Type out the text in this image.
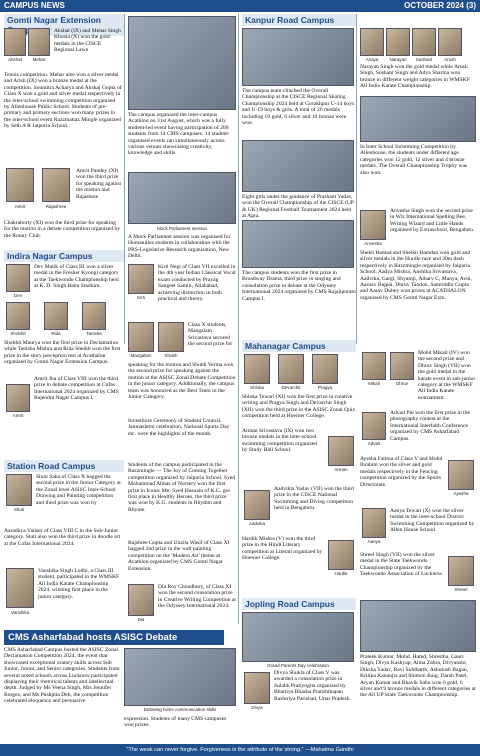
CAMPUS NEWS	OCTOBER 2024 (3)
Gomti Nagar Extension
Akshat	Mehar
Akshat (IX) and Mehar Singh Khosla (X) won the gold medals in the CISCE Regional Lawn
Tennis competition. Mehar also won a silver medal and Arish (IX) won a bronze medal at the competition. Soumitra Acharya and Akshaj Gupta of Class X won a gold and silver medal respectively in the inter-school swimming competition organized by Allenhouse Public School. Students of pre-primary and primary sections won many prizes in the inter-school event Razzmattaz Mingle organized by Seth A R Jaipuria School.
Amrit	Rajashree
Amrit Pandey (XI) won the third prize for speaking against the motion and Rajashree
Chakraborty (XI) won the third prize for speaking for the motion in a debate competition organized by the Rotary Club.
The campus organized the inter-campus Acathlon on 31st August, which was a fully student-led event having participation of 200 students from 14 CMS campuses. 14 student-organised events ran simultaneously across various venues showcasing creativity, knowledge and skills.
Mock Parliament session
A Mock Parliament session was organised for Humanities students in collaboration with the PRS-Legislative Research organization, New Delhi.
Kanpur Road Campus
The campus team clinched the Overall Championship at the CISCE Regional Skating Championship 2024 held at Gorakhpur U-14 boys and U-19 boys & girls. A total of 26 medals including 10 gold, 6 silver and 10 bronze were won.
Eight girls under the guidance of Prashant Yadav, won the Overall Championship of the CISCE (UP & UK) Regional Football Tournament 2024 held at Agra.
The campus students won the first prize in Broadway Drama, third prize in singing and consolation prize in debate at the Odyssey International 2024 organized by CMS Rajajipuram Campus I.
Anaya	Narayan	Sushant	Arush
Narayan Singh won the gold medal while Arush Singh, Sushant Singh and Adya Sharma won bronze in different weight categories in WMSKF All India Karate Championship.
In Inter School Swimming Competition by Allenhouse, the students under different age categories won 12 gold, 12 silver and 4 bronze medals. The Overall Championship Trophy was also won.
Anvesha
Anvesha Singh won the second prize in Wiz International Spelling Bee, Writing Wizard and Little Hands organised by Extraschool, Bengaluru.
Shekh Hamad and Sheikh Hamdan won gold and silver medals in the Hurdle race and 30m dash respectively in Razzmingle organised by Jaipuria School. Aadya Mishra, Anshika Srivastava, Aadvika, Gargi, Shyamji, Atharv C, Manya, Avni, Aarnav Bajpai, Dhruv Tandon, Samriddhi Gupta and Aarav Dubey won prizes at ACATHALON organised by CMS Gomti Nagar Extn.
Indira Nagar Campus
Dev
Dev Malik of Class III won a silver medal in the Fresher Kyongi category at the Taekwondo Championship held at K. D. Singh Babu Stadium.
Shobhit	Rida	Tanisha
Shobhit Maurya won the first prize in Declamation while Tanisha Mishra and Rida Sheikh won the first prize in the story perception test at Acathalon organized by Gomti Nagar Extension Campus.
Amrit Jha of Class VIII won the third prize in debate competition at Cofas International 2024 organized by CMS Rajendra Nagar Campus I.
Amrit
Kirti
Kirti Negi of Class VII excelled in the 4th year Indian Classical Vocal exam conducted by Prayag Sangeet Samiti, Allahabad, achieving distinction in both practical and theory.
Mangalam	Shubh
Class X students, Mangalam Srivastava secured the second prize for
speaking for the motion and Shubh Verma won the second prize for speaking against the motion at the ASISC Zonal Debate Competition in the junior category. Additionally, the campus team was honoured as the Best Team in the Junior Category.
Investiture Ceremony of Student Council, Janmashtmi celebration, National Sports Day etc. were the highlights of the month.
Station Road Campus
Shuti
Shuti Saha of Class X bagged the second prize in the Junior Category at the Zonal level ASISC Inter-School Drawing and Painting competition and third prize was won by
Aaradhya Vaiiser of Class VIII C in the Sub-Junior category. Stuti also won the third prize in doodle art at the Cofas International 2024.
Vanshika
Vanshika Singh Lodhi, a Class III student, participated in the WMSKF All India Karate Championship 2024, winning first place in the junior category.
Students of the campus participated in the Razzmingle — The Joy of Coming Together competition organized by Jaipuria School. Syed Mohammad Abbas of Nursery won the first prize in Iconic Me; Syed Hasnain of K.G. got first place in Healthy Heroes, the third prize was won by K.G. students in Rhythm and Rhyme.
Rajshree Gupta and Unzila Wasif of Class XI bagged 2nd prize in the wall painting competition on the 'Modern Art' theme at Acathlon organized by CMS Gomti Nagar Extension.
Dia
Dia Roy Choudhury, of Class XI won the second consolation prize in Creative Writing Competition at the Odyssey International 2024.
Mahanagar Campus
Shloka	Devarchit	Pragya
Shloka Tewari (XI) won the first prize in creative writing and Pragya Singh and Devarchit Singh (XII) won the third prize in the ASISC Zonal Quiz competition held at Hoerner College.
Arman Srivastava (IX) won two bronze medals in the inter-school swimming competition organized by Study Hall School.
Arman
Aadvika
Aadvikta Yadav (VII) won the third prize in the CISCE National Swimming and Diving competition held in Bengaluru.
Hardik Mishra (V) won the third prize in the Hindi Literary competition at Literati organized by Hoerner College.
Hardik
Mikail	Dhruv
Mohd Mikail (IV) won the second prize and Dhruv Singh (VII) won the gold medal in the karate event in sub-junior category at the WMSKF All India Karate tournament.
Advait
Advait Pal won the first prize in the photography contest at the International Interfaith Conference organized by CMS Asharfabad Campus.
Ayesha Fatima of Class V and Mohd Ibrahim won the silver and gold medals respectively in the Fencing competition organized by the Sports Directorate.
Ayesha
Aanya
Aanya Tewari (X) won the silver medal in the inter-school District Swimming Competition organized by Allen House School.
Shreel Singh (VII) won the silver medal in the State Taekwondo Championship organized by the Taekwondo Association of Lucknow.
Shreel
Jopling Road Campus
Grand Parents Day celebration
Divya
Divya Shukla of Class V was awarded a consolation prize in Sulabh Pratiyogita organized by Bhartiya Bhasha Pratishthapan Rashtriya Parishad, Uttar Pradesh.
Prateek Kumar, Mohd. Hamd, Shrestha, Gauri Singh, Divya Kashyap, Aima Zahra, Divyanshi, Diksha Yadav, Ravi Siddharth, Ashutosh Bajpai, Kritika Kanaujia and Shimon Baig, Darsh Patel, Aryan Kumar and Bhavik Sahu won 6 gold, 6 silver and 9 bronze medals in different categories at the All UP State Taekwondo Championship.
CMS Asharfabad hosts ASISC Debate
CMS Asharfabad Campus hosted the ASISC Zonal Declamation Competition 2024, the event that showcased exceptional oratory skills across Sub Junior, Junior, and Senior categories. Students from several noted schools across Lucknow participated displaying their rhetorical talents and intellectual depth. Judged by Ms Veena Singh, Mrs Jennifer Borges, and Ms Pushpita Deb, the competition celebrated eloquence and persuasive
Debating hosts communication skills
expression. Students of many CMS campuses won prizes.
"The weak can never forgive. Forgiveness is the attribute of the strong." —Mahatma Gandhi
